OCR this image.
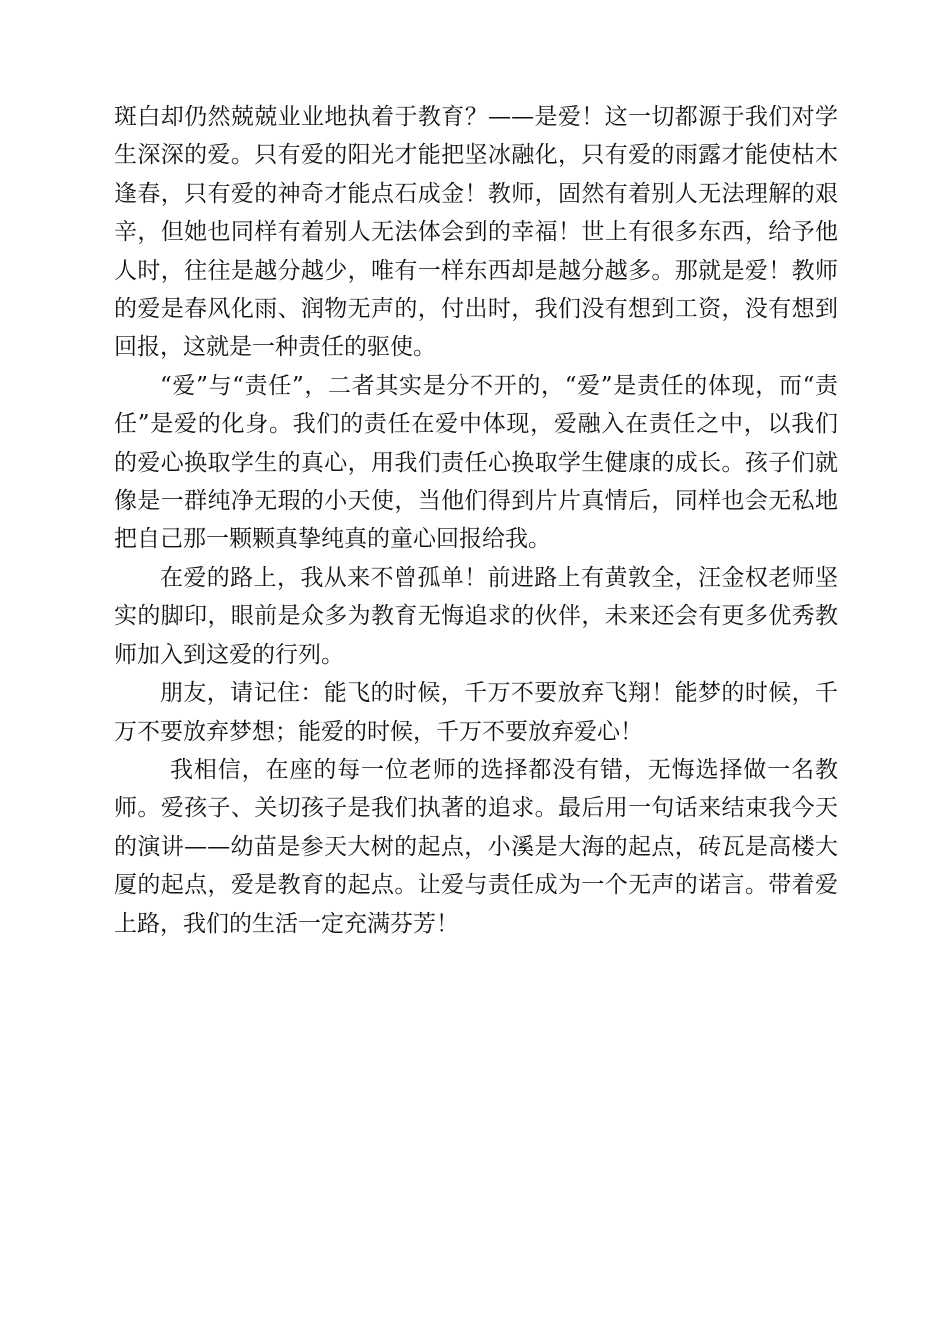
斑白却仍然兢兢业业地执着于教育？——是爱！这一切都源于我们对学生深深的爱。只有爱的阳光才能把坚冰融化，只有爱的雨露才能使枯木逢春，只有爱的神奇才能点石成金！教师，固然有着别人无法理解的艰辛，但她也同样有着别人无法体会到的幸福！世上有很多东西，给予他人时，往往是越分越少，唯有一样东西却是越分越多。那就是爱！教师的爱是春风化雨、润物无声的，付出时，我们没有想到工资，没有想到回报，这就是一种责任的驱使。

“爱”与“责任”，二者其实是分不开的，“爱”是责任的体现，而“责任”是爱的化身。我们的责任在爱中体现，爱融入在责任之中，以我们的爱心换取学生的真心，用我们责任心换取学生健康的成长。孩子们就像是一群纯净无瑕的小天使，当他们得到片片真情后，同样也会无私地把自己那一颗颗真挚纯真的童心回报给我。

在爱的路上，我从来不曾孤单！前进路上有黄敦全，汪金权老师坚实的脚印，眼前是众多为教育无悔追求的伙伴，未来还会有更多优秀教师加入到这爱的行列。

朋友，请记住：能飞的时候，千万不要放弃飞翔！能梦的时候，千万不要放弃梦想；能爱的时候，千万不要放弃爱心！

我相信，在座的每一位老师的选择都没有错，无悔选择做一名教师。爱孩子、关切孩子是我们执著的追求。最后用一句话来结束我今天的演讲——幼苗是参天大树的起点，小溪是大海的起点，砖瓦是高楼大厦的起点，爱是教育的起点。让爱与责任成为一个无声的诺言。带着爱上路，我们的生活一定充满芬芳！
